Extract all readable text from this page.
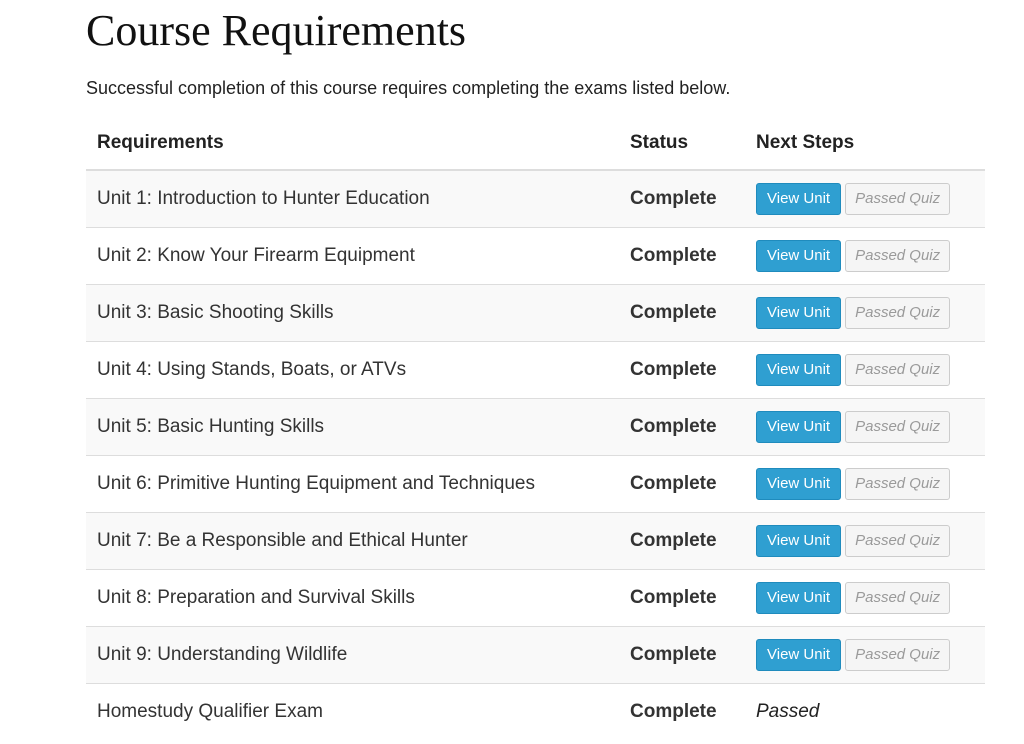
Course Requirements

Successful completion of this course requires completing the exams listed below.

Requirements	Status	Next Steps
Unit 1: Introduction to Hunter Education	Complete	View Unit Passed Quiz
Unit 2: Know Your Firearm Equipment	Complete	View Unit Passed Quiz
Unit 3: Basic Shooting Skills	Complete	View Unit Passed Quiz
Unit 4: Using Stands, Boats, or ATVs	Complete	View Unit Passed Quiz
Unit 5: Basic Hunting Skills	Complete	View Unit Passed Quiz
Unit 6: Primitive Hunting Equipment and Techniques	Complete	View Unit Passed Quiz
Unit 7: Be a Responsible and Ethical Hunter	Complete	View Unit Passed Quiz
Unit 8: Preparation and Survival Skills	Complete	View Unit Passed Quiz
Unit 9: Understanding Wildlife	Complete	View Unit Passed Quiz
Homestudy Qualifier Exam	Complete	Passed
